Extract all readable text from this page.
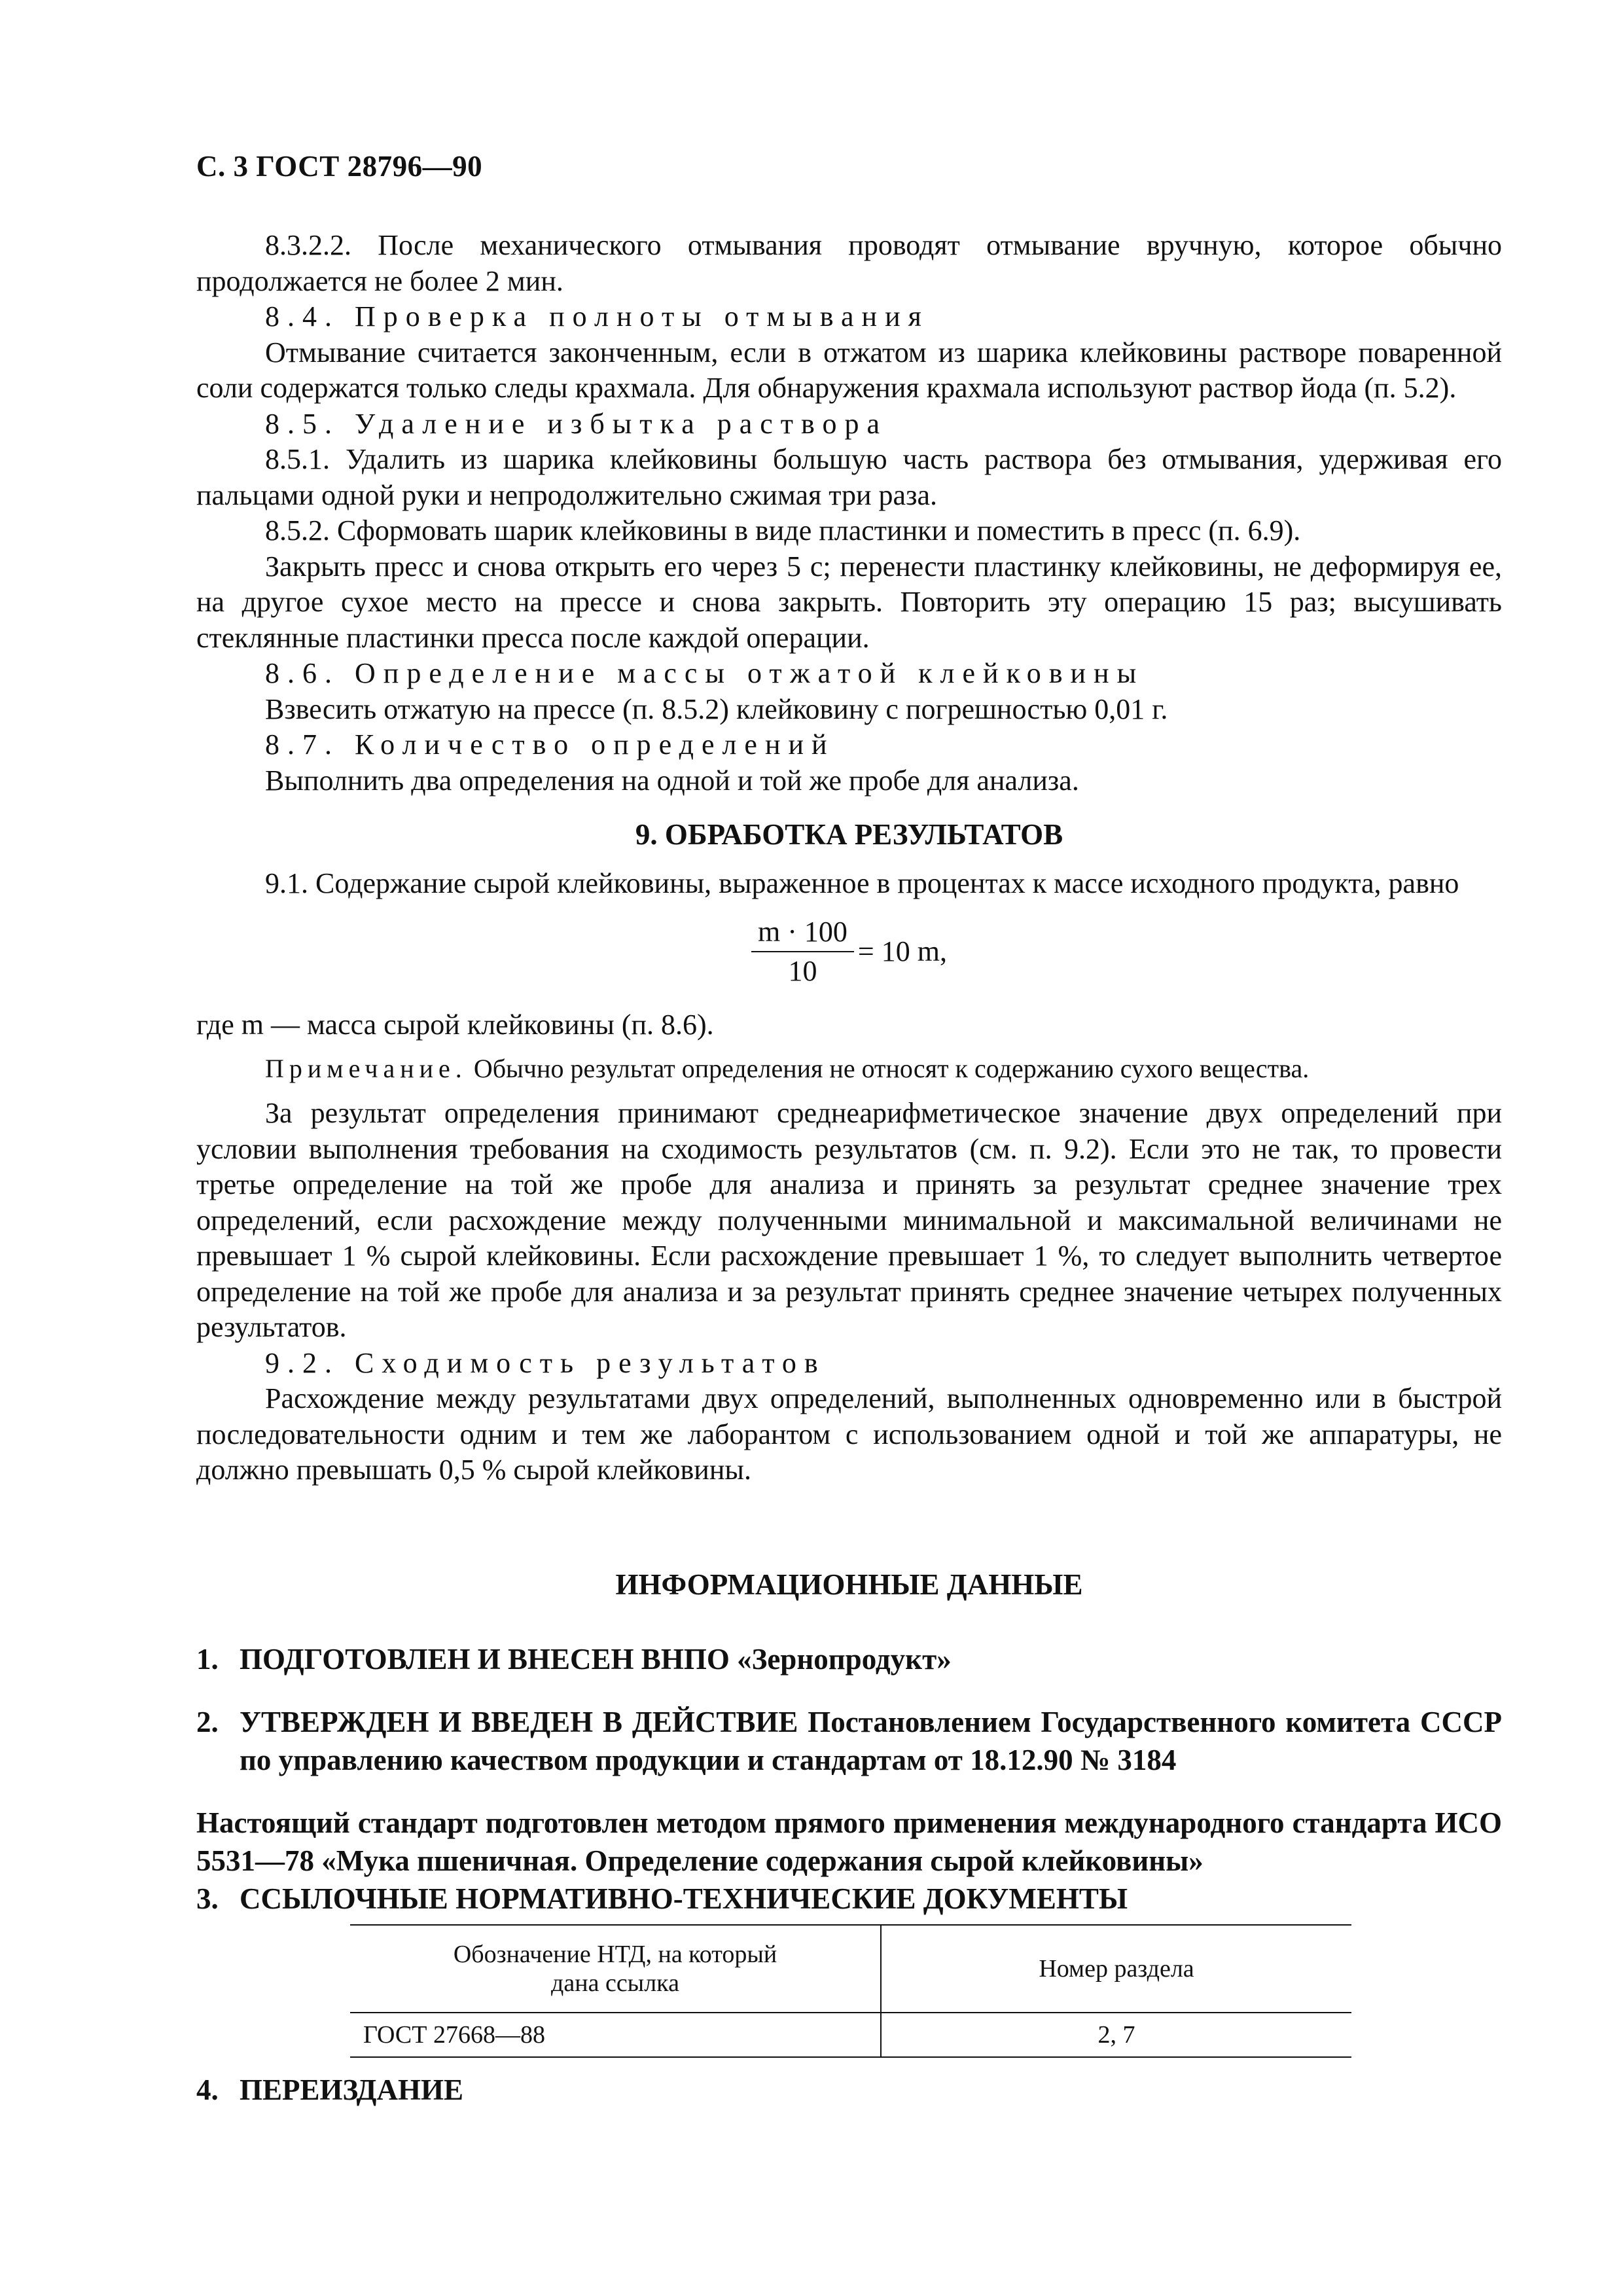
С. 3 ГОСТ 28796—90

8.3.2.2. После механического отмывания проводят отмывание вручную, которое обычно продолжается не более 2 мин.

8.4. Проверка полноты отмывания

Отмывание считается законченным, если в отжатом из шарика клейковины растворе поваренной соли содержатся только следы крахмала. Для обнаружения крахмала используют раствор йода (п. 5.2).

8.5. Удаление избытка раствора

8.5.1. Удалить из шарика клейковины большую часть раствора без отмывания, удерживая его пальцами одной руки и непродолжительно сжимая три раза.

8.5.2. Сформовать шарик клейковины в виде пластинки и поместить в пресс (п. 6.9).

Закрыть пресс и снова открыть его через 5 с; перенести пластинку клейковины, не деформируя ее, на другое сухое место на прессе и снова закрыть. Повторить эту операцию 15 раз; высушивать стеклянные пластинки пресса после каждой операции.

8.6. Определение массы отжатой клейковины

Взвесить отжатую на прессе (п. 8.5.2) клейковину с погрешностью 0,01 г.

8.7. Количество определений

Выполнить два определения на одной и той же пробе для анализа.

9. ОБРАБОТКА РЕЗУЛЬТАТОВ

9.1. Содержание сырой клейковины, выраженное в процентах к массе исходного продукта, равно

$\frac{m \cdot 100}{10} = 10$ m,

где m — масса сырой клейковины (п. 8.6).

Примечание. Обычно результат определения не относят к содержанию сухого вещества.

За результат определения принимают среднеарифметическое значение двух определений при условии выполнения требования на сходимость результатов (см. п. 9.2). Если это не так, то провести третье определение на той же пробе для анализа и принять за результат среднее значение трех определений, если расхождение между полученными минимальной и максимальной величинами не превышает 1 % сырой клейковины. Если расхождение превышает 1 %, то следует выполнить четвертое определение на той же пробе для анализа и за результат принять среднее значение четырех полученных результатов.

9.2. Сходимость результатов

Расхождение между результатами двух определений, выполненных одновременно или в быстрой последовательности одним и тем же лаборантом с использованием одной и той же аппаратуры, не должно превышать 0,5 % сырой клейковины.

ИНФОРМАЦИОННЫЕ ДАННЫЕ

1. ПОДГОТОВЛЕН И ВНЕСЕН ВНПО «Зернопродукт»
2. УТВЕРЖДЕН И ВВЕДЕН В ДЕЙСТВИЕ Постановлением Государственного комитета СССР по управлению качеством продукции и стандартам от 18.12.90 № 3184

Настоящий стандарт подготовлен методом прямого применения международного стандарта ИСО 5531—78 «Мука пшеничная. Определение содержания сырой клейковины»

3. ССЫЛОЧНЫЕ НОРМАТИВНО-ТЕХНИЧЕСКИЕ ДОКУМЕНТЫ
Обозначение НТД, на который дана ссылка	Номер раздела
ГОСТ 27668—88	2, 7
4. ПЕРЕИЗДАНИЕ
